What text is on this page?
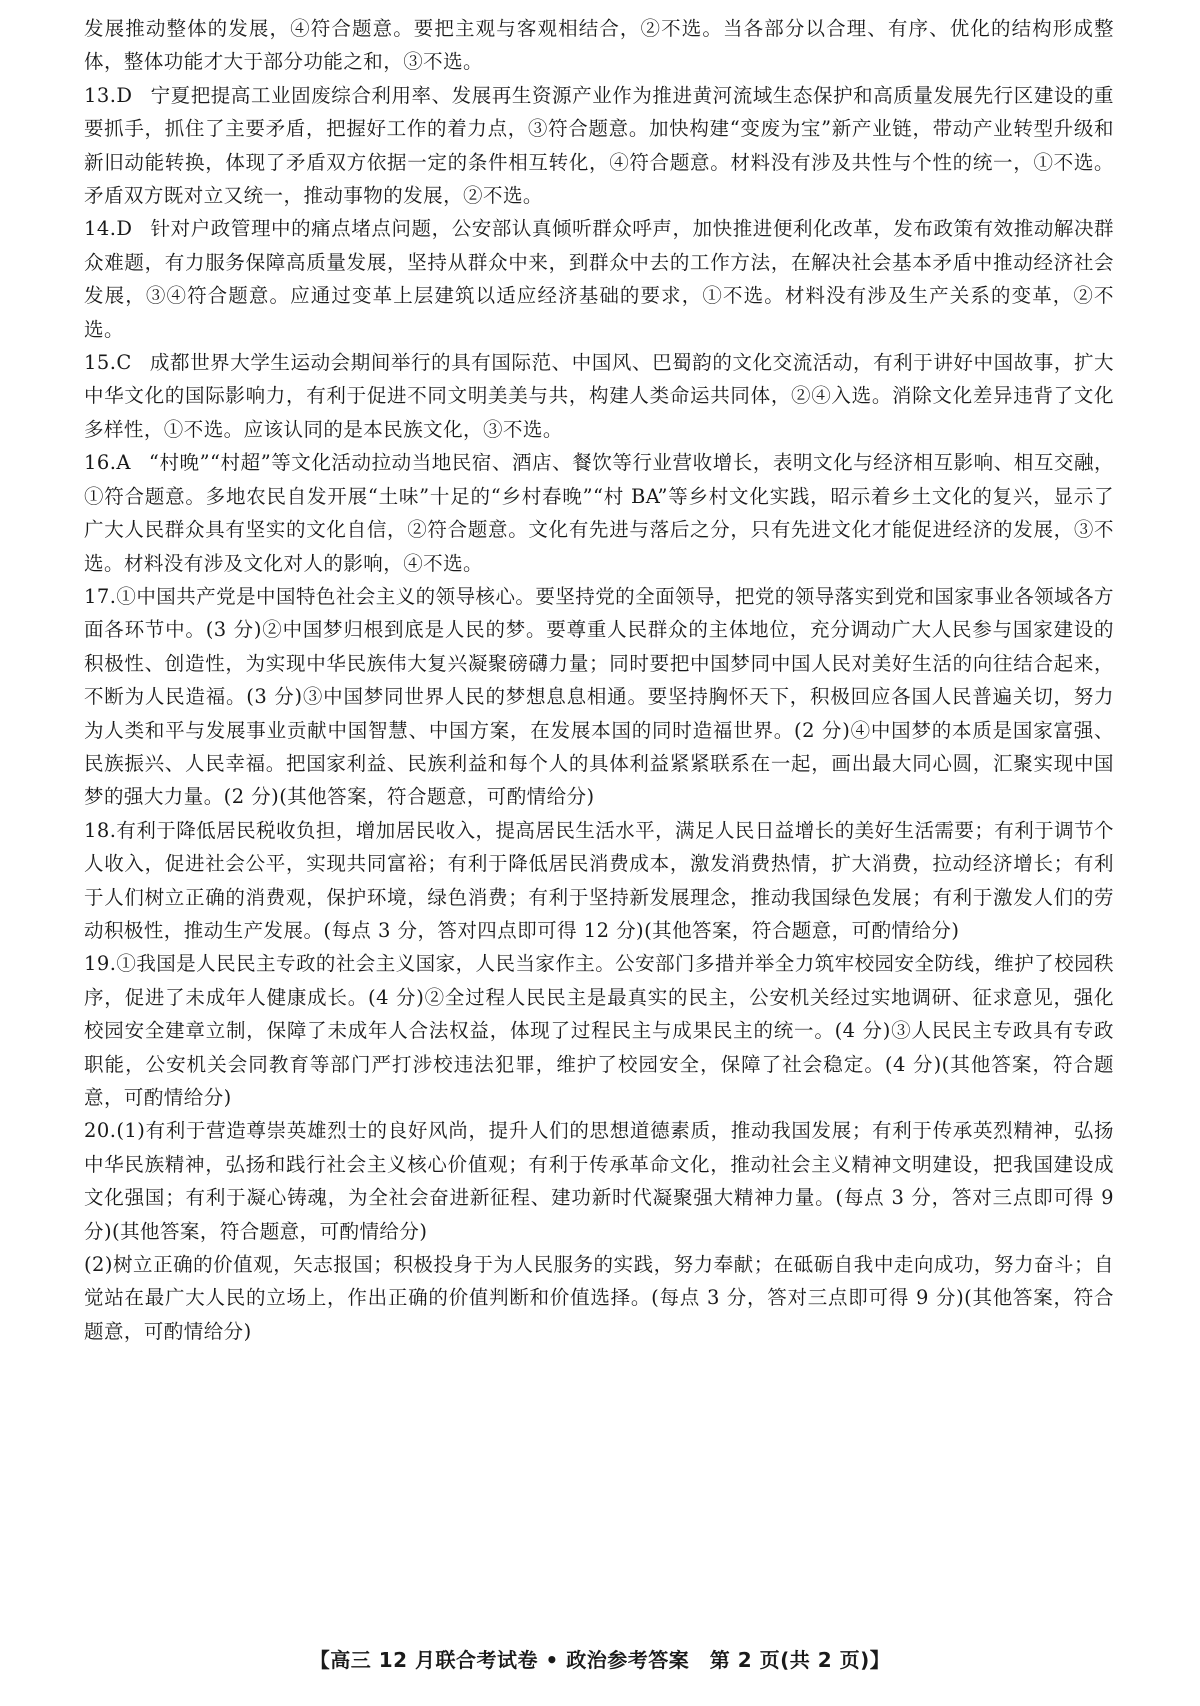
发展推动整体的发展，④符合题意。要把主观与客观相结合，②不选。当各部分以合理、有序、优化的结构形成整体，整体功能才大于部分功能之和，③不选。

13.D 宁夏把提高工业固废综合利用率、发展再生资源产业作为推进黄河流域生态保护和高质量发展先行区建设的重要抓手，抓住了主要矛盾，把握好工作的着力点，③符合题意。加快构建“变废为宝”新产业链，带动产业转型升级和新旧动能转换，体现了矛盾双方依据一定的条件相互转化，④符合题意。材料没有涉及共性与个性的统一，①不选。矛盾双方既对立又统一，推动事物的发展，②不选。
14.D 针对户政管理中的痛点堵点问题，公安部认真倾听群众呼声，加快推进便利化改革，发布政策有效推动解决群众难题，有力服务保障高质量发展，坚持从群众中来，到群众中去的工作方法，在解决社会基本矛盾中推动经济社会发展，③④符合题意。应通过变革上层建筑以适应经济基础的要求，①不选。材料没有涉及生产关系的变革，②不选。
15.C 成都世界大学生运动会期间举行的具有国际范、中国风、巴蜀韵的文化交流活动，有利于讲好中国故事，扩大中华文化的国际影响力，有利于促进不同文明美美与共，构建人类命运共同体，②④入选。消除文化差异违背了文化多样性，①不选。应该认同的是本民族文化，③不选。
16.A “村晚”“村超”等文化活动拉动当地民宿、酒店、餐饮等行业营收增长，表明文化与经济相互影响、相互交融，①符合题意。多地农民自发开展“土味”十足的“乡村春晚”“村 BA”等乡村文化实践，昭示着乡土文化的复兴，显示了广大人民群众具有坚实的文化自信，②符合题意。文化有先进与落后之分，只有先进文化才能促进经济的发展，③不选。材料没有涉及文化对人的影响，④不选。
17.①中国共产党是中国特色社会主义的领导核心。要坚持党的全面领导，把党的领导落实到党和国家事业各领域各方面各环节中。(3 分)②中国梦归根到底是人民的梦。要尊重人民群众的主体地位，充分调动广大人民参与国家建设的积极性、创造性，为实现中华民族伟大复兴凝聚磅礴力量；同时要把中国梦同中国人民对美好生活的向往结合起来，不断为人民造福。(3 分)③中国梦同世界人民的梦想息息相通。要坚持胸怀天下，积极回应各国人民普遍关切，努力为人类和平与发展事业贡献中国智慧、中国方案，在发展本国的同时造福世界。(2 分)④中国梦的本质是国家富强、民族振兴、人民幸福。把国家利益、民族利益和每个人的具体利益紧紧联系在一起，画出最大同心圆，汇聚实现中国梦的强大力量。(2 分)(其他答案，符合题意，可酌情给分)
18.有利于降低居民税收负担，增加居民收入，提高居民生活水平，满足人民日益增长的美好生活需要；有利于调节个人收入，促进社会公平，实现共同富裕；有利于降低居民消费成本，激发消费热情，扩大消费，拉动经济增长；有利于人们树立正确的消费观，保护环境，绿色消费；有利于坚持新发展理念，推动我国绿色发展；有利于激发人们的劳动积极性，推动生产发展。(每点 3 分，答对四点即可得 12 分)(其他答案，符合题意，可酌情给分)
19.①我国是人民民主专政的社会主义国家，人民当家作主。公安部门多措并举全力筑牢校园安全防线，维护了校园秩序，促进了未成年人健康成长。(4 分)②全过程人民民主是最真实的民主，公安机关经过实地调研、征求意见，强化校园安全建章立制，保障了未成年人合法权益，体现了过程民主与成果民主的统一。(4 分)③人民民主专政具有专政职能，公安机关会同教育等部门严打涉校违法犯罪，维护了校园安全，保障了社会稳定。(4 分)(其他答案，符合题意，可酌情给分)
20.(1)有利于营造尊崇英雄烈士的良好风尚，提升人们的思想道德素质，推动我国发展；有利于传承英烈精神，弘扬中华民族精神，弘扬和践行社会主义核心价值观；有利于传承革命文化，推动社会主义精神文明建设，把我国建设成文化强国；有利于凝心铸魂，为全社会奋进新征程、建功新时代凝聚强大精神力量。(每点 3 分，答对三点即可得 9 分)(其他答案，符合题意，可酌情给分)

(2)树立正确的价值观，矢志报国；积极投身于为人民服务的实践，努力奉献；在砥砺自我中走向成功，努力奋斗；自觉站在最广大人民的立场上，作出正确的价值判断和价值选择。(每点 3 分，答对三点即可得 9 分)(其他答案，符合题意，可酌情给分)

【高三 12 月联合考试卷 • 政治参考答案　第 2 页(共 2 页)】
